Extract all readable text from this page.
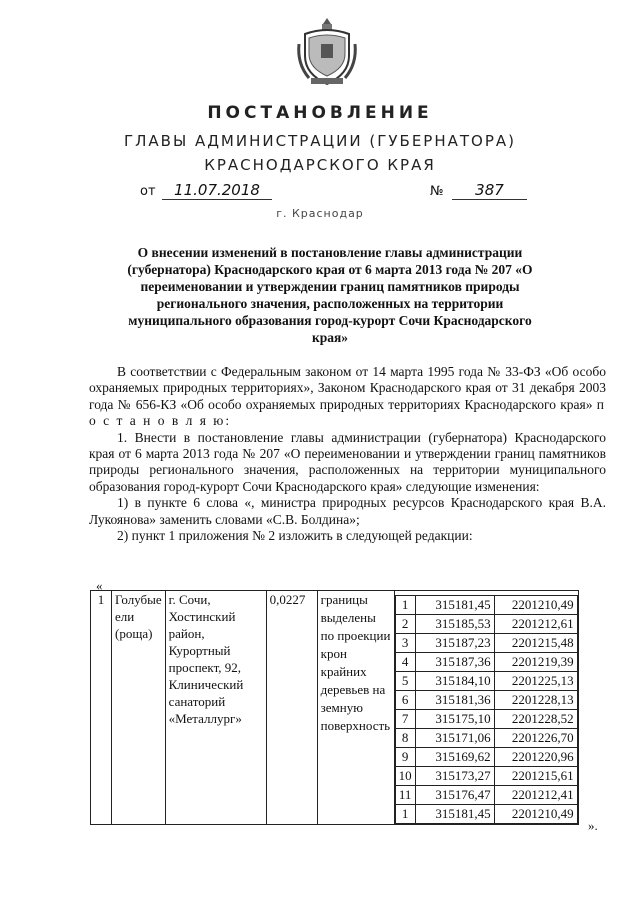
ПОСТАНОВЛЕНИЕ
ГЛАВЫ АДМИНИСТРАЦИИ (ГУБЕРНАТОРА)
КРАСНОДАРСКОГО КРАЯ
от	11.07.2018	№	387
г. Краснодар
О внесении изменений в постановление главы администрации (губернатора) Краснодарского края от 6 марта 2013 года № 207 «О переименовании и утверждении границ памятников природы регионального значения, расположенных на территории муниципального образования город-курорт Сочи Краснодарского края»

В соответствии с Федеральным законом от 14 марта 1995 года № 33-ФЗ «Об особо охраняемых природных территориях», Законом Краснодарского края от 31 декабря 2003 года № 656-КЗ «Об особо охраняемых природных территориях Краснодарского края» п о с т а н о в л я ю:

1. Внести в постановление главы администрации (губернатора) Краснодарского края от 6 марта 2013 года № 207 «О переименовании и утверждении границ памятников природы регионального значения, расположенных на территории муниципального образования город-курорт Сочи Краснодарского края» следующие изменения:

1) в пункте 6 слова «, министра природных ресурсов Краснодарского края В.А. Лукоянова» заменить словами «С.В. Болдина»;

2) пункт 1 приложения № 2 изложить в следующей редакции:

«
1	Голубые ели (роща)	г. Сочи, Хостинский район, Курортный проспект, 92, Клинический санаторий «Металлург»	0,0227	границы выделены по проекции крон крайних деревьев на земную поверхность	
1	315181,45	2201210,49
2	315185,53	2201212,61
3	315187,23	2201215,48
4	315187,36	2201219,39
5	315184,10	2201225,13
6	315181,36	2201228,13
7	315175,10	2201228,52
8	315171,06	2201226,70
9	315169,62	2201220,96
10	315173,27	2201215,61
11	315176,47	2201212,41
1	315181,45	2201210,49
».
